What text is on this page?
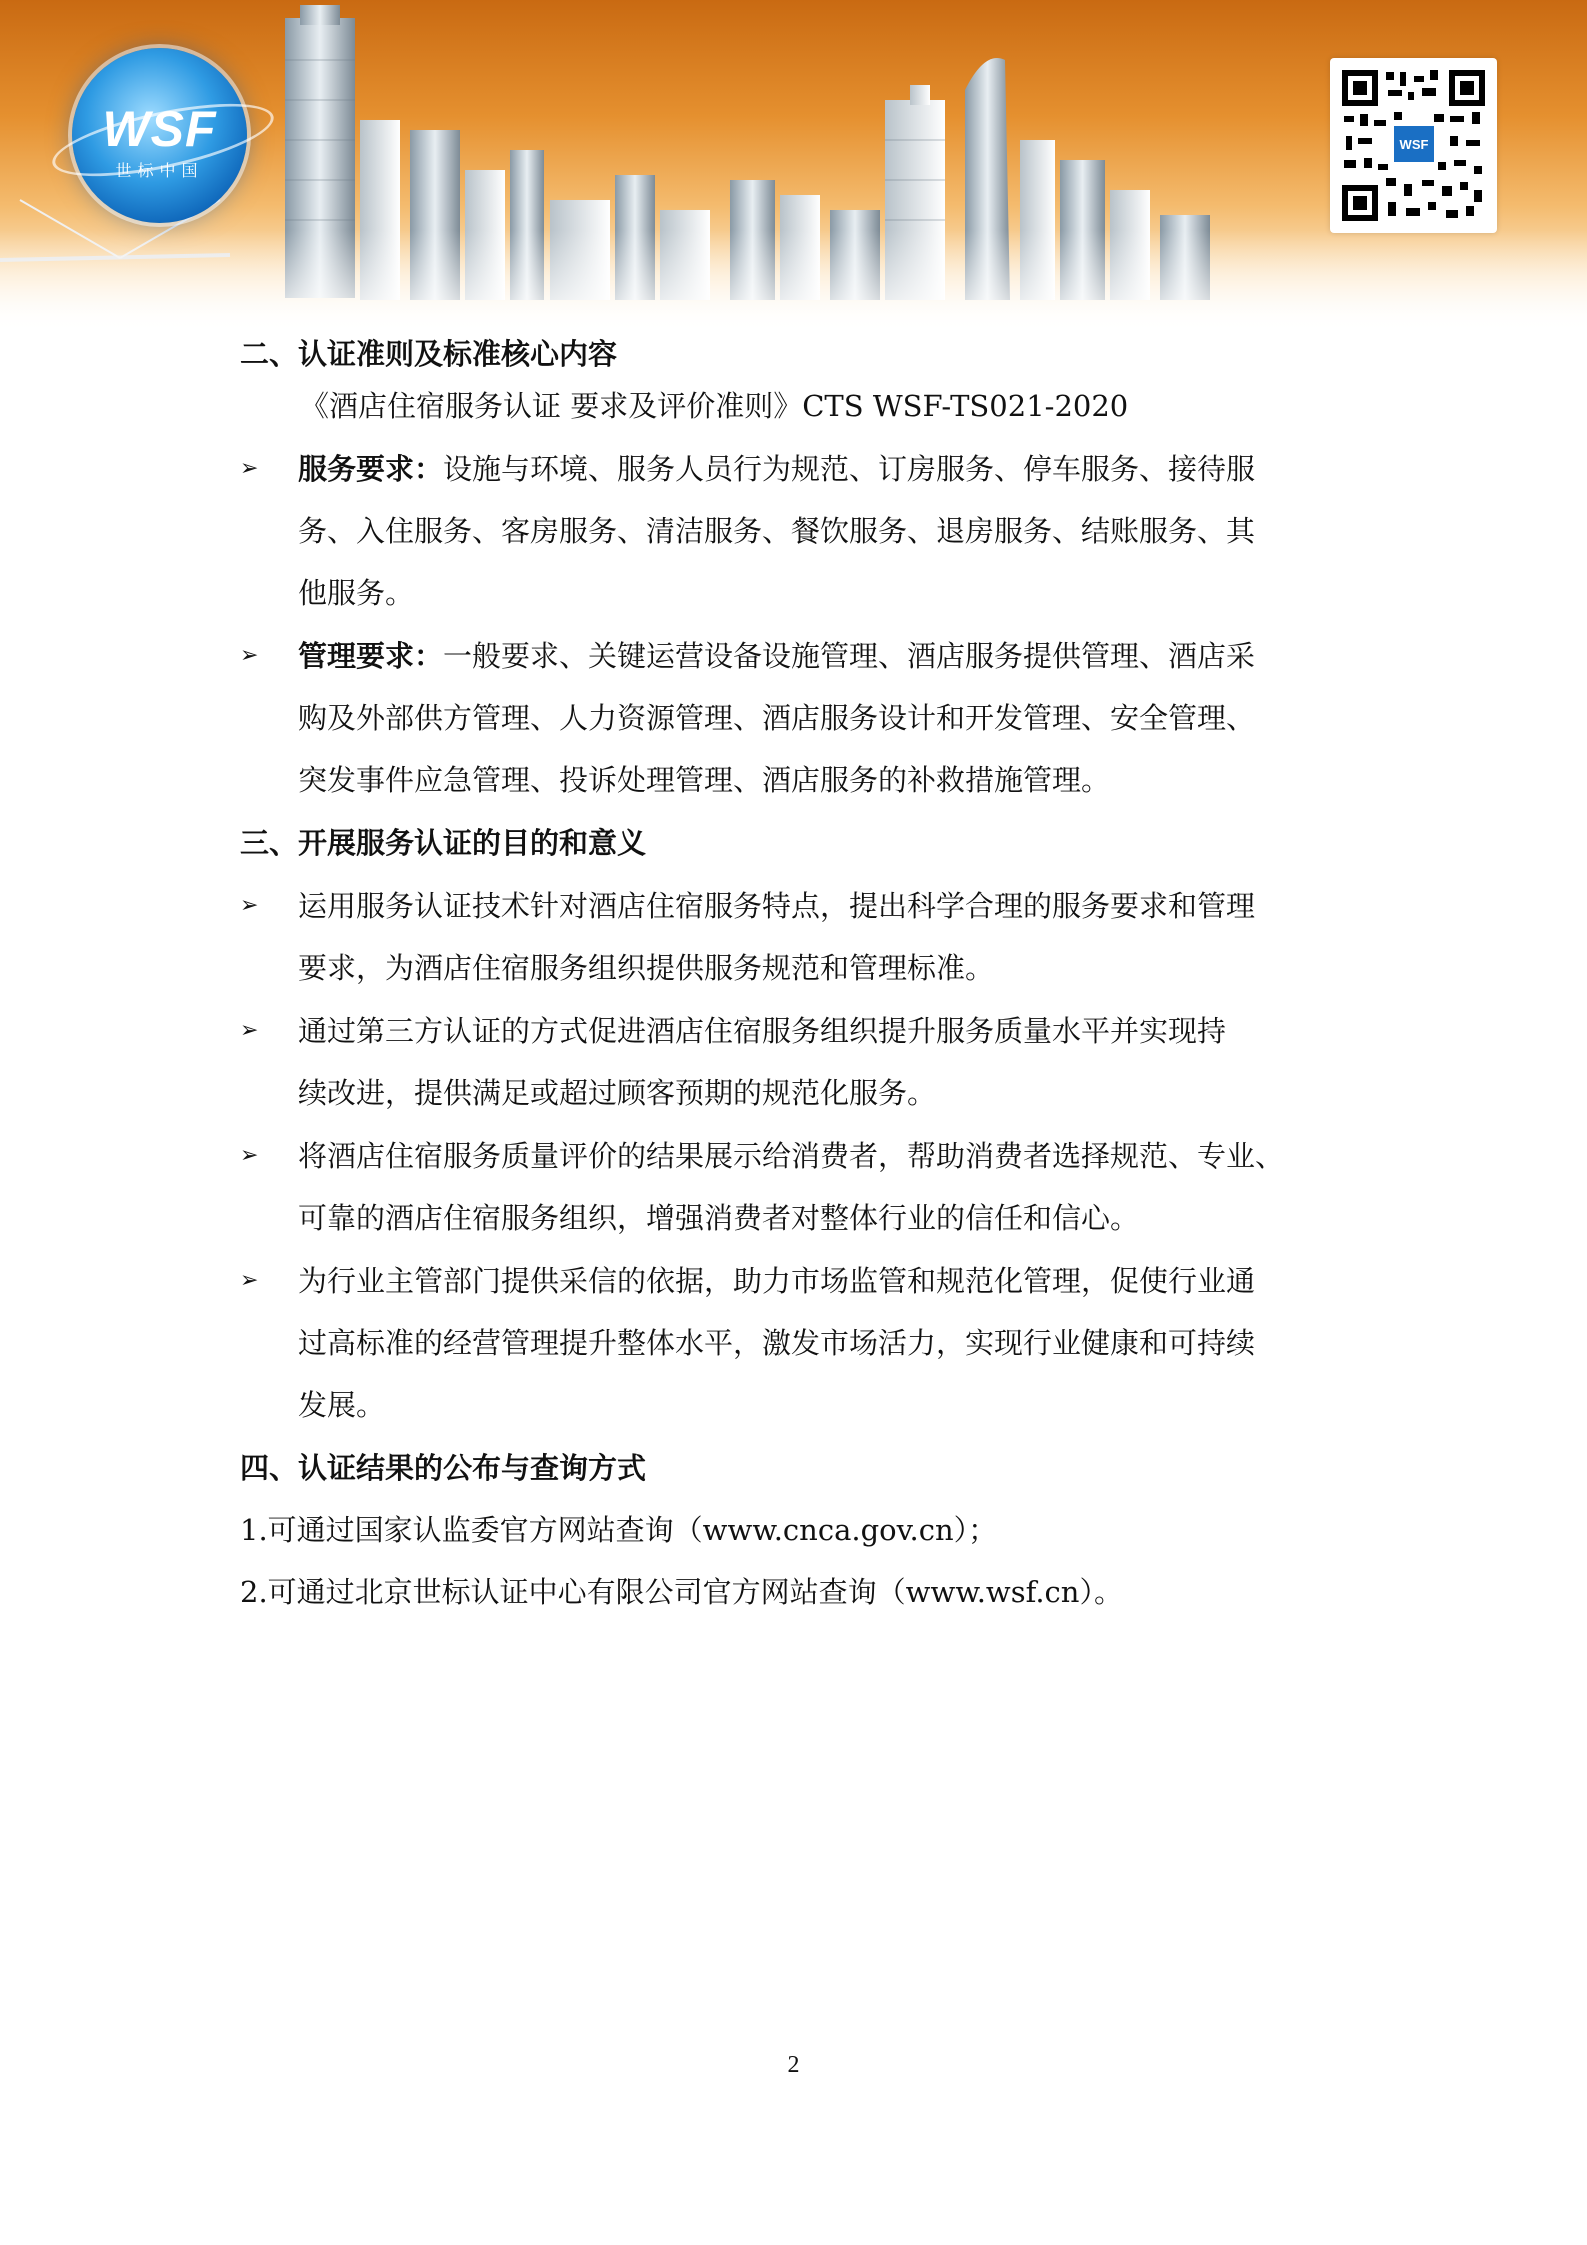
WSF
世标中国
WSF
二、认证准则及标准核心内容
《酒店住宿服务认证 要求及评价准则》CTS WSF-TS021-2020
➢ 服务要求：设施与环境、服务人员行为规范、订房服务、停车服务、接待服
务、入住服务、客房服务、清洁服务、餐饮服务、退房服务、结账服务、其
他服务。
➢ 管理要求：一般要求、关键运营设备设施管理、酒店服务提供管理、酒店采
购及外部供方管理、人力资源管理、酒店服务设计和开发管理、安全管理、
突发事件应急管理、投诉处理管理、酒店服务的补救措施管理。
三、开展服务认证的目的和意义
➢ 运用服务认证技术针对酒店住宿服务特点，提出科学合理的服务要求和管理
要求，为酒店住宿服务组织提供服务规范和管理标准。
➢ 通过第三方认证的方式促进酒店住宿服务组织提升服务质量水平并实现持
续改进，提供满足或超过顾客预期的规范化服务。
➢ 将酒店住宿服务质量评价的结果展示给消费者，帮助消费者选择规范、专业、
可靠的酒店住宿服务组织，增强消费者对整体行业的信任和信心。
➢ 为行业主管部门提供采信的依据，助力市场监管和规范化管理，促使行业通
过高标准的经营管理提升整体水平，激发市场活力，实现行业健康和可持续
发展。
四、认证结果的公布与查询方式
1.可通过国家认监委官方网站查询（www.cnca.gov.cn）；
2.可通过北京世标认证中心有限公司官方网站查询（www.wsf.cn）。
2
